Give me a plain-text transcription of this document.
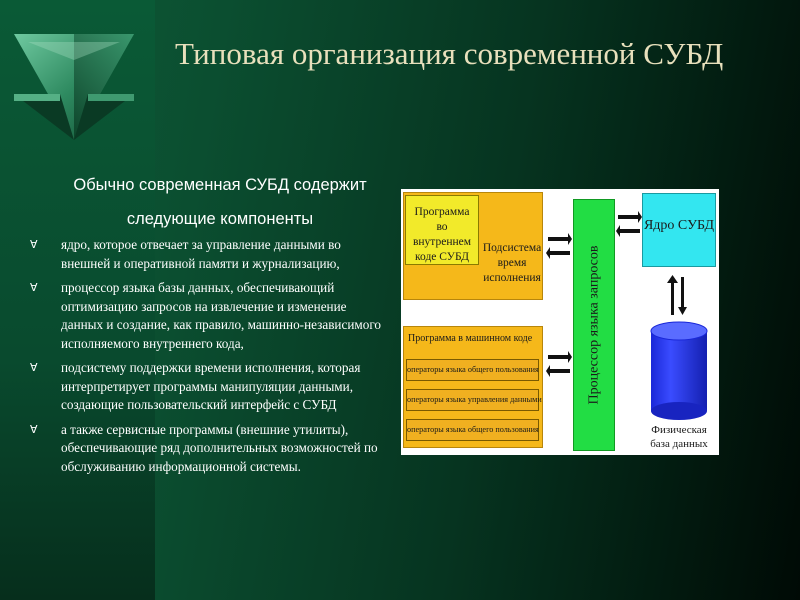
Типовая организация современной СУБД
Обычно современная СУБД содержит следующие компоненты
∀ ядро, которое отвечает за управление данными во внешней и оперативной памяти и журнализацию,
∀ процессор языка базы данных, обеспечивающий оптимизацию запросов на извлечение и изменение данных и создание, как правило, машинно-независимого исполняемого внутреннего кода,
∀ подсистему поддержки времени исполнения, которая интерпретирует программы манипуляции данными, создающие пользовательский интерфейс с СУБД
∀ а также сервисные программы (внешние утилиты), обеспечивающие ряд дополнительных возможностей по обслуживанию информационной системы.
Программа во внутреннем коде СУБД
Подсистема время исполнения
Программа в машинном коде
операторы языка общего пользования
операторы языка управления данными
операторы языка общего пользования
Процессор языка запросов
Ядро СУБД
Физическая база данных
